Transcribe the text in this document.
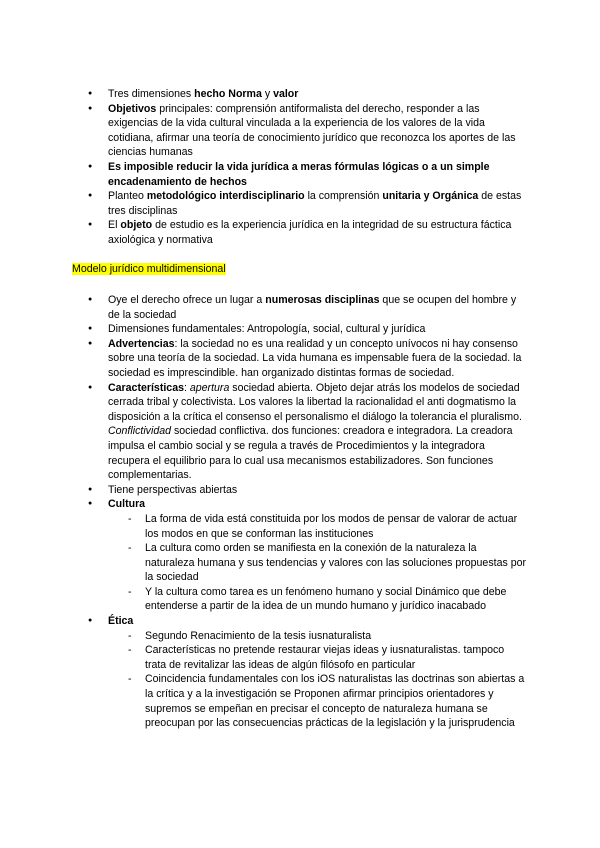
● Tres dimensiones hecho Norma y valor
● Objetivos principales: comprensión antiformalista del derecho, responder a las exigencias de la vida cultural vinculada a la experiencia de los valores de la vida cotidiana, afirmar una teoría de conocimiento jurídico que reconozca los aportes de las ciencias humanas
● Es imposible reducir la vida jurídica a meras fórmulas lógicas o a un simple encadenamiento de hechos
● Planteo metodológico interdisciplinario la comprensión unitaria y Orgánica de estas tres disciplinas
● El objeto de estudio es la experiencia jurídica en la integridad de su estructura fáctica axiológica y normativa
Modelo jurídico multidimensional
● Oye el derecho ofrece un lugar a numerosas disciplinas que se ocupen del hombre y de la sociedad
● Dimensiones fundamentales: Antropología, social, cultural y jurídica
● Advertencias: la sociedad no es una realidad y un concepto unívocos ni hay consenso sobre una teoría de la sociedad. La vida humana es impensable fuera de la sociedad. la sociedad es imprescindible. han organizado distintas formas de sociedad.
● Características: apertura sociedad abierta. Objeto dejar atrás los modelos de sociedad cerrada tribal y colectivista. Los valores la libertad la racionalidad el anti dogmatismo la disposición a la crítica el consenso el personalismo el diálogo la tolerancia el pluralismo. Conflictividad sociedad conflictiva. dos funciones: creadora e integradora. La creadora impulsa el cambio social y se regula a través de Procedimientos y la integradora recupera el equilibrio para lo cual usa mecanismos estabilizadores. Son funciones complementarias.
● Tiene perspectivas abiertas
● Cultura
- La forma de vida está constituida por los modos de pensar de valorar de actuar los modos en que se conforman las instituciones
- La cultura como orden se manifiesta en la conexión de la naturaleza la naturaleza humana y sus tendencias y valores con las soluciones propuestas por la sociedad
- Y la cultura como tarea es un fenómeno humano y social Dinámico que debe entenderse a partir de la idea de un mundo humano y jurídico inacabado
● Ética
- Segundo Renacimiento de la tesis iusnaturalista
- Características no pretende restaurar viejas ideas y iusnaturalistas. tampoco trata de revitalizar las ideas de algún filósofo en particular
- Coincidencia fundamentales con los iOS naturalistas las doctrinas son abiertas a la crítica y a la investigación se Proponen afirmar principios orientadores y supremos se empeñan en precisar el concepto de naturaleza humana se preocupan por las consecuencias prácticas de la legislación y la jurisprudencia
